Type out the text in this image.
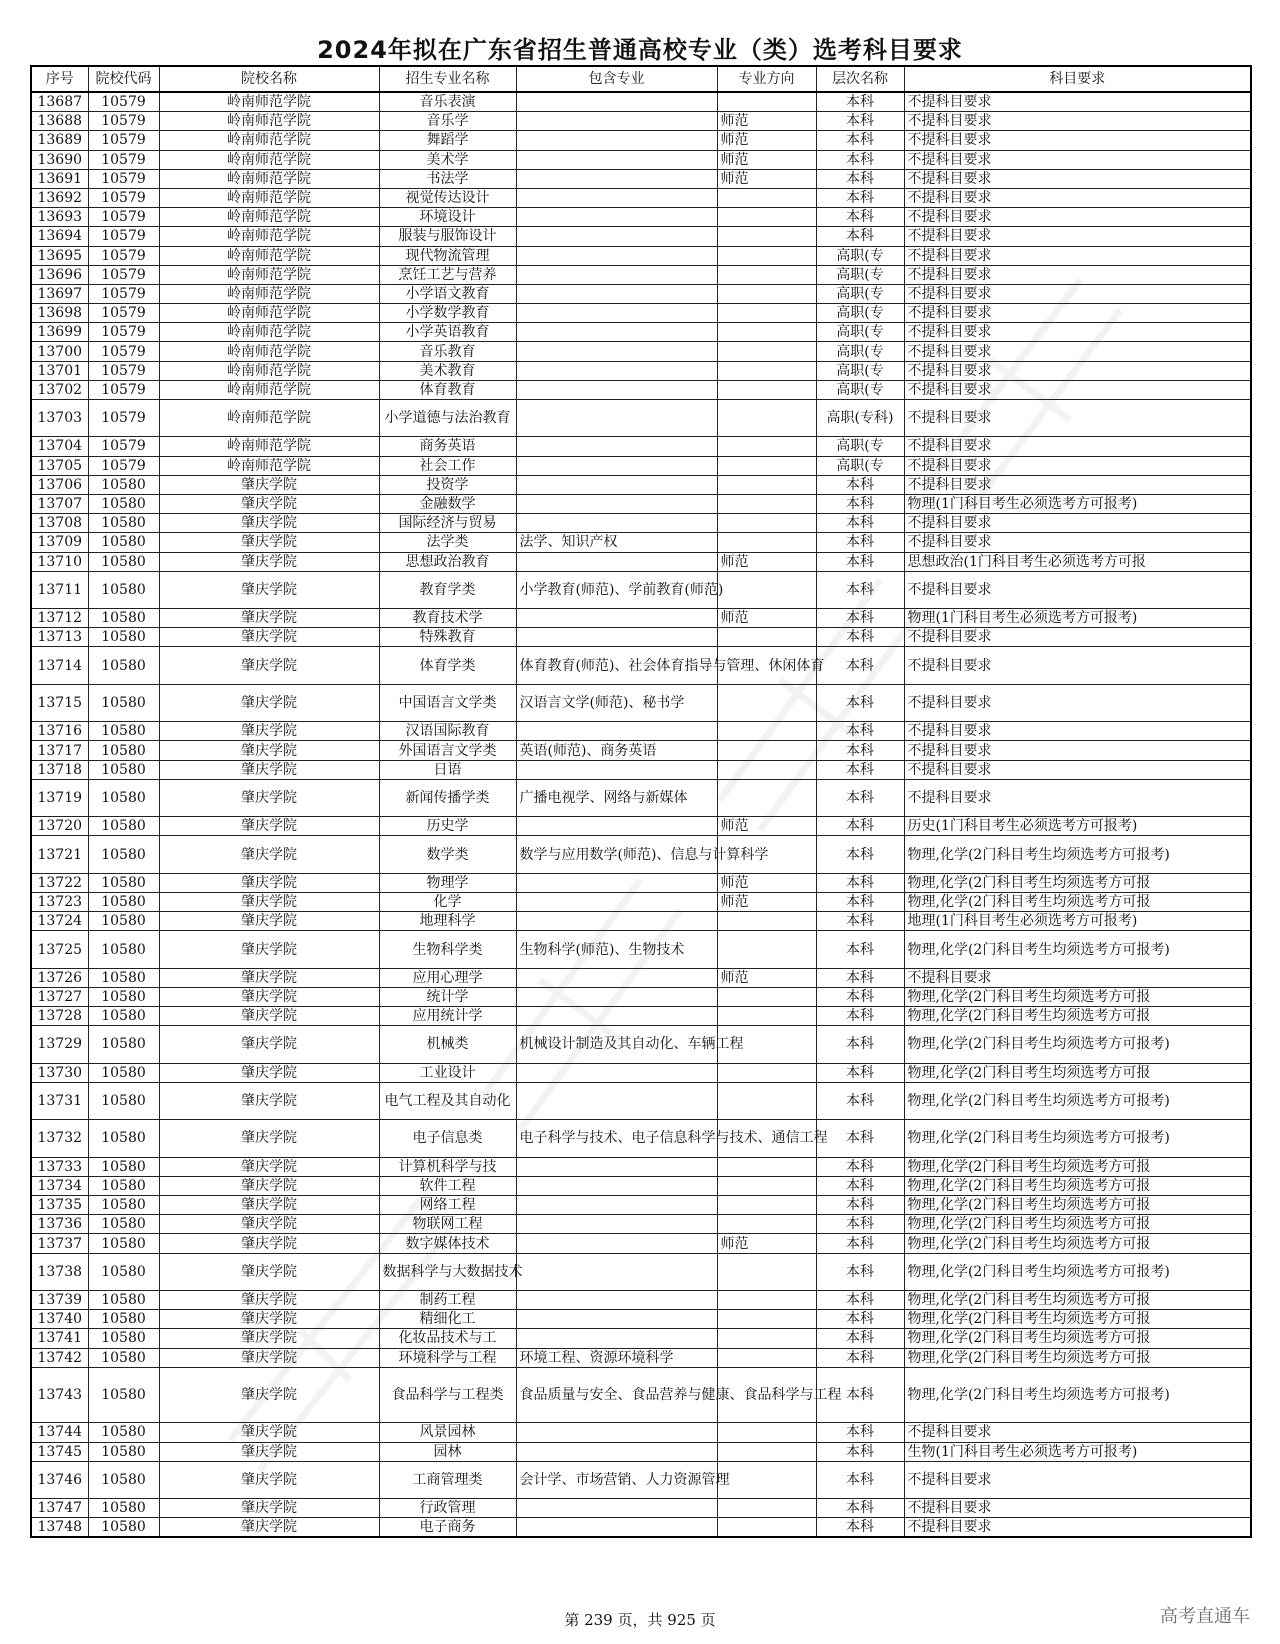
2024年拟在广东省招生普通高校专业（类）选考科目要求
序号	院校代码	院校名称	招生专业名称	包含专业	专业方向	层次名称	科目要求
13687	10579	岭南师范学院	音乐表演			本科	不提科目要求
13688	10579	岭南师范学院	音乐学		师范	本科	不提科目要求
13689	10579	岭南师范学院	舞蹈学		师范	本科	不提科目要求
13690	10579	岭南师范学院	美术学		师范	本科	不提科目要求
13691	10579	岭南师范学院	书法学		师范	本科	不提科目要求
13692	10579	岭南师范学院	视觉传达设计			本科	不提科目要求
13693	10579	岭南师范学院	环境设计			本科	不提科目要求
13694	10579	岭南师范学院	服装与服饰设计			本科	不提科目要求
13695	10579	岭南师范学院	现代物流管理			高职(专	不提科目要求
13696	10579	岭南师范学院	烹饪工艺与营养			高职(专	不提科目要求
13697	10579	岭南师范学院	小学语文教育			高职(专	不提科目要求
13698	10579	岭南师范学院	小学数学教育			高职(专	不提科目要求
13699	10579	岭南师范学院	小学英语教育			高职(专	不提科目要求
13700	10579	岭南师范学院	音乐教育			高职(专	不提科目要求
13701	10579	岭南师范学院	美术教育			高职(专	不提科目要求
13702	10579	岭南师范学院	体育教育			高职(专	不提科目要求
13703	10579	岭南师范学院	小学道德与法治教育			高职(专科)	不提科目要求
13704	10579	岭南师范学院	商务英语			高职(专	不提科目要求
13705	10579	岭南师范学院	社会工作			高职(专	不提科目要求
13706	10580	肇庆学院	投资学			本科	不提科目要求
13707	10580	肇庆学院	金融数学			本科	物理(1门科目考生必须选考方可报考)
13708	10580	肇庆学院	国际经济与贸易			本科	不提科目要求
13709	10580	肇庆学院	法学类	法学、知识产权		本科	不提科目要求
13710	10580	肇庆学院	思想政治教育		师范	本科	思想政治(1门科目考生必须选考方可报
13711	10580	肇庆学院	教育学类	小学教育(师范)、学前教育(师范)		本科	不提科目要求
13712	10580	肇庆学院	教育技术学		师范	本科	物理(1门科目考生必须选考方可报考)
13713	10580	肇庆学院	特殊教育			本科	不提科目要求
13714	10580	肇庆学院	体育学类	体育教育(师范)、社会体育指导与管理、休闲体育		本科	不提科目要求
13715	10580	肇庆学院	中国语言文学类	汉语言文学(师范)、秘书学		本科	不提科目要求
13716	10580	肇庆学院	汉语国际教育			本科	不提科目要求
13717	10580	肇庆学院	外国语言文学类	英语(师范)、商务英语		本科	不提科目要求
13718	10580	肇庆学院	日语			本科	不提科目要求
13719	10580	肇庆学院	新闻传播学类	广播电视学、网络与新媒体		本科	不提科目要求
13720	10580	肇庆学院	历史学		师范	本科	历史(1门科目考生必须选考方可报考)
13721	10580	肇庆学院	数学类	数学与应用数学(师范)、信息与计算科学		本科	物理,化学(2门科目考生均须选考方可报考)
13722	10580	肇庆学院	物理学		师范	本科	物理,化学(2门科目考生均须选考方可报
13723	10580	肇庆学院	化学		师范	本科	物理,化学(2门科目考生均须选考方可报
13724	10580	肇庆学院	地理科学			本科	地理(1门科目考生必须选考方可报考)
13725	10580	肇庆学院	生物科学类	生物科学(师范)、生物技术		本科	物理,化学(2门科目考生均须选考方可报考)
13726	10580	肇庆学院	应用心理学		师范	本科	不提科目要求
13727	10580	肇庆学院	统计学			本科	物理,化学(2门科目考生均须选考方可报
13728	10580	肇庆学院	应用统计学			本科	物理,化学(2门科目考生均须选考方可报
13729	10580	肇庆学院	机械类	机械设计制造及其自动化、车辆工程		本科	物理,化学(2门科目考生均须选考方可报考)
13730	10580	肇庆学院	工业设计			本科	物理,化学(2门科目考生均须选考方可报
13731	10580	肇庆学院	电气工程及其自动化			本科	物理,化学(2门科目考生均须选考方可报考)
13732	10580	肇庆学院	电子信息类	电子科学与技术、电子信息科学与技术、通信工程		本科	物理,化学(2门科目考生均须选考方可报考)
13733	10580	肇庆学院	计算机科学与技			本科	物理,化学(2门科目考生均须选考方可报
13734	10580	肇庆学院	软件工程			本科	物理,化学(2门科目考生均须选考方可报
13735	10580	肇庆学院	网络工程			本科	物理,化学(2门科目考生均须选考方可报
13736	10580	肇庆学院	物联网工程			本科	物理,化学(2门科目考生均须选考方可报
13737	10580	肇庆学院	数字媒体技术		师范	本科	物理,化学(2门科目考生均须选考方可报
13738	10580	肇庆学院	数据科学与大数据技术			本科	物理,化学(2门科目考生均须选考方可报考)
13739	10580	肇庆学院	制药工程			本科	物理,化学(2门科目考生均须选考方可报
13740	10580	肇庆学院	精细化工			本科	物理,化学(2门科目考生均须选考方可报
13741	10580	肇庆学院	化妆品技术与工			本科	物理,化学(2门科目考生均须选考方可报
13742	10580	肇庆学院	环境科学与工程	环境工程、资源环境科学		本科	物理,化学(2门科目考生均须选考方可报
13743	10580	肇庆学院	食品科学与工程类	食品质量与安全、食品营养与健康、食品科学与工程		本科	物理,化学(2门科目考生均须选考方可报考)
13744	10580	肇庆学院	风景园林			本科	不提科目要求
13745	10580	肇庆学院	园林			本科	生物(1门科目考生必须选考方可报考)
13746	10580	肇庆学院	工商管理类	会计学、市场营销、人力资源管理		本科	不提科目要求
13747	10580	肇庆学院	行政管理			本科	不提科目要求
13748	10580	肇庆学院	电子商务			本科	不提科目要求
第 239 页，共 925 页	高考直通车
